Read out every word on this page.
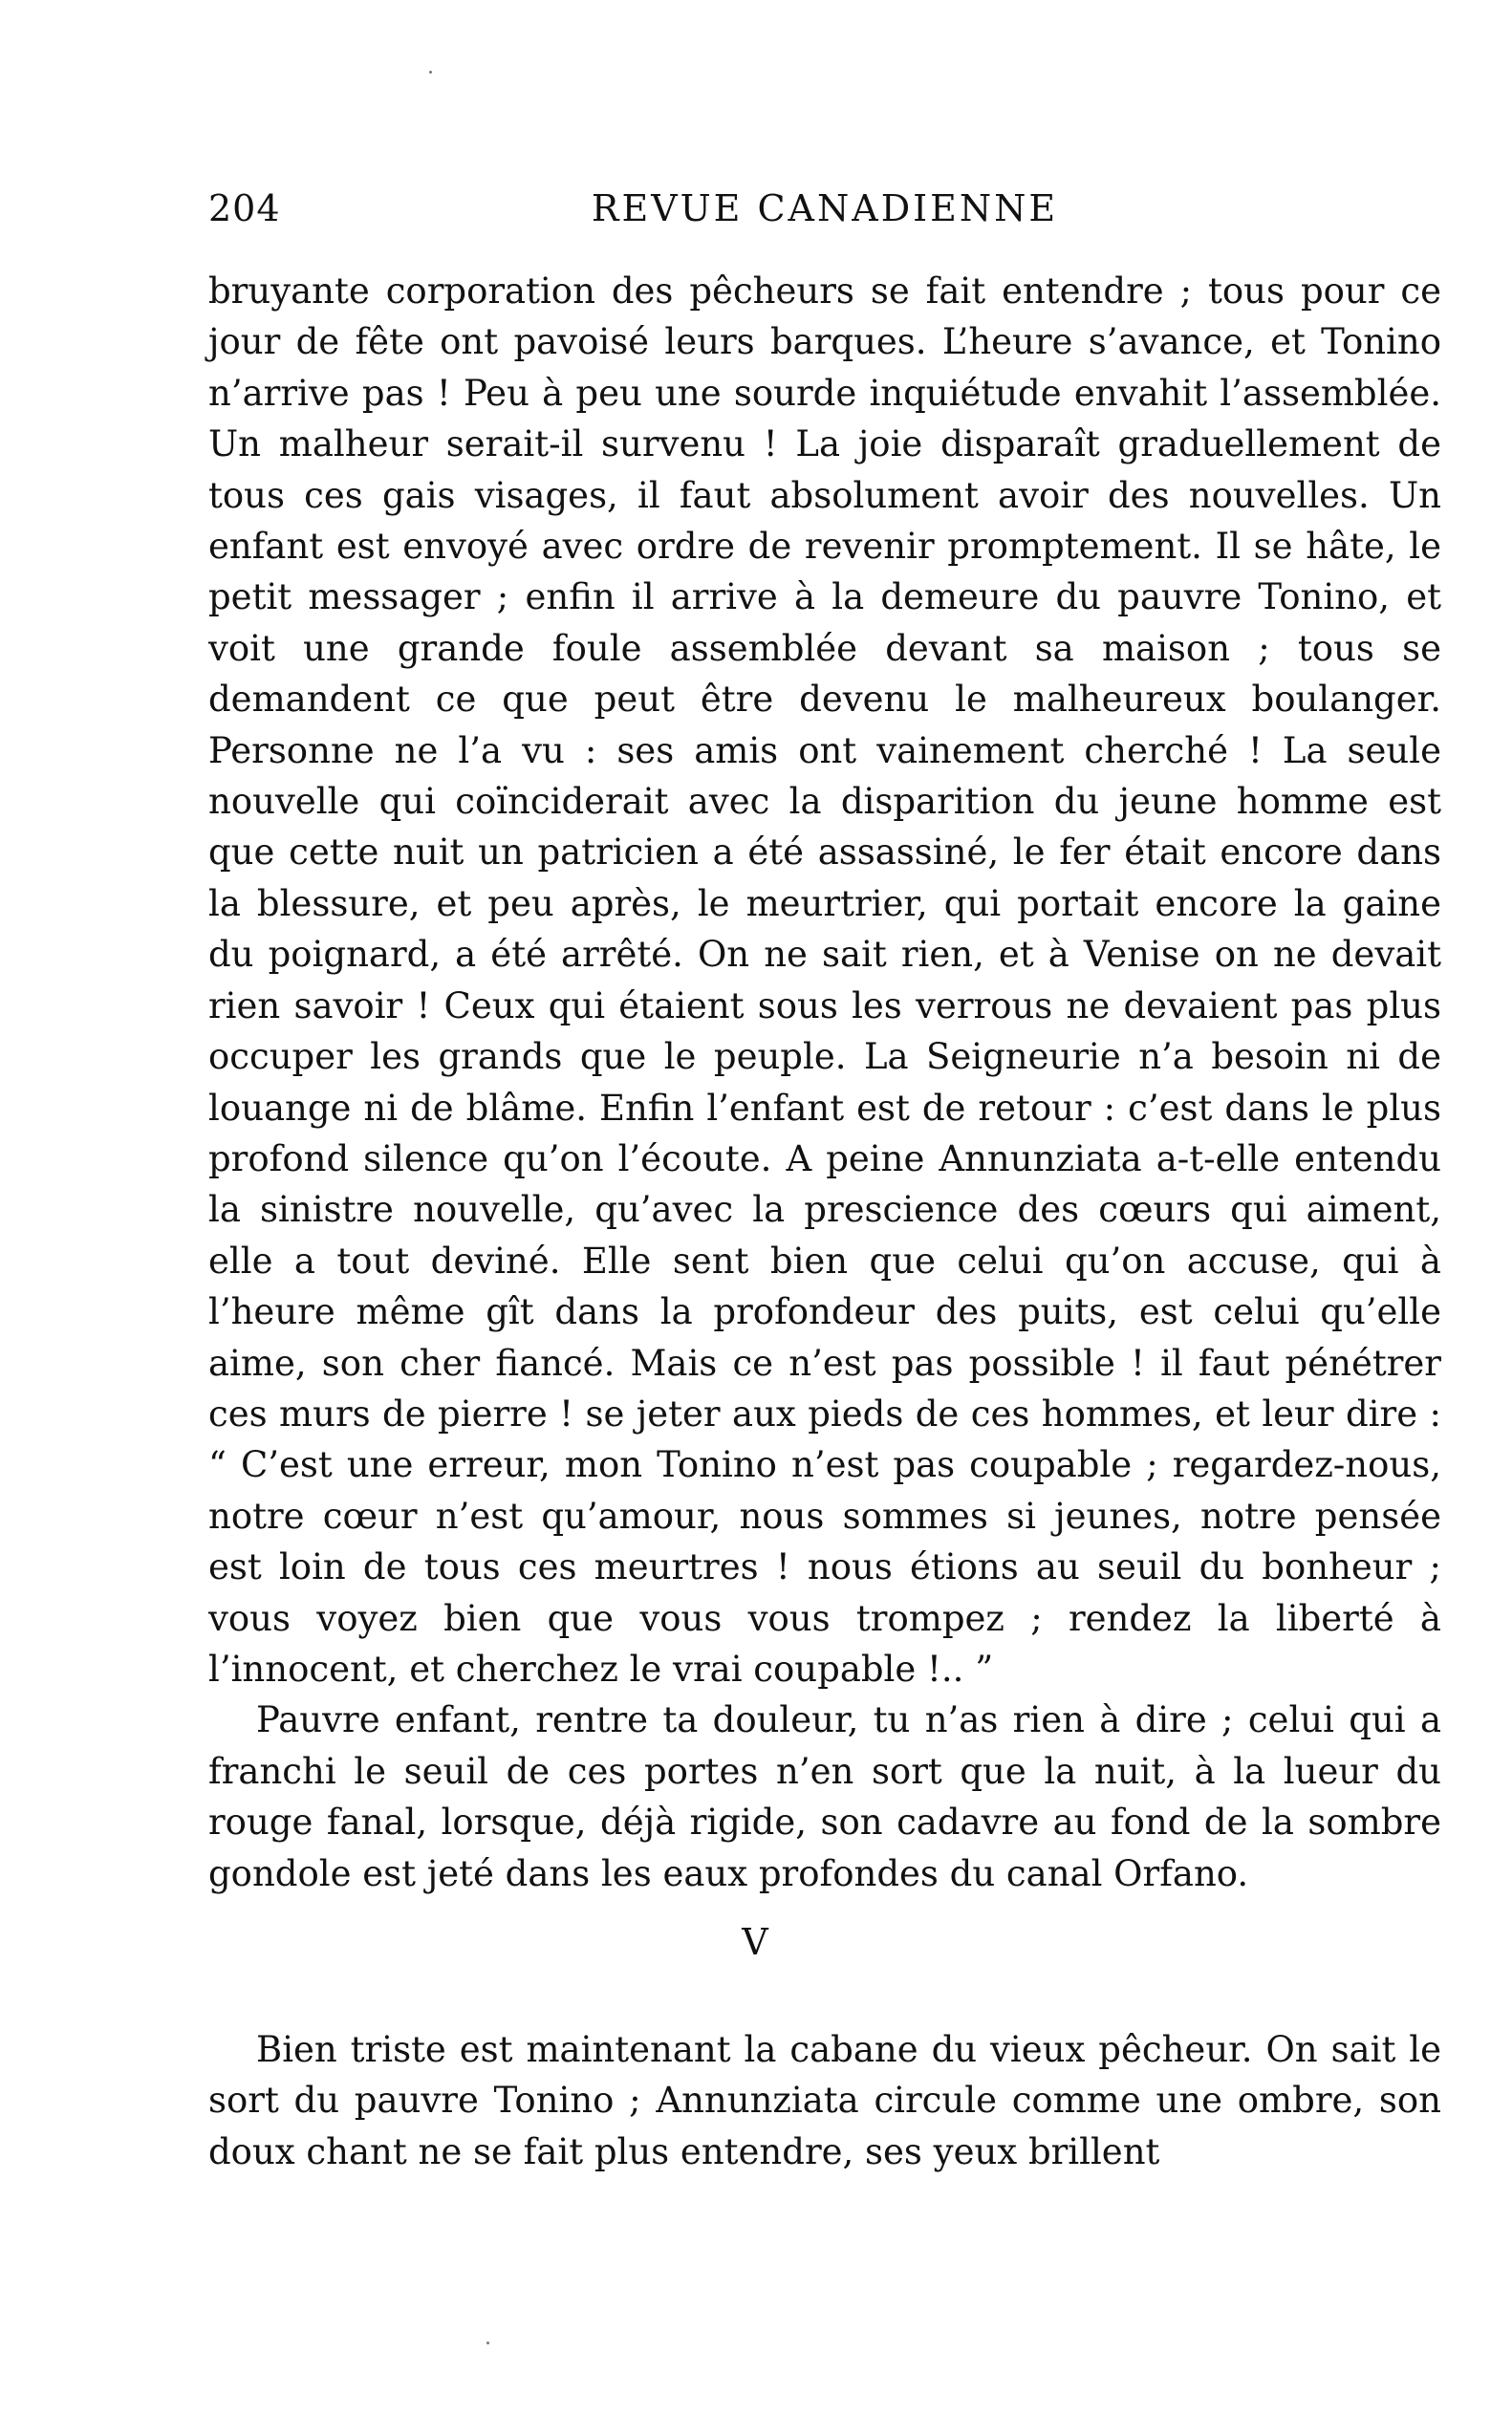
204	REVUE CANADIENNE

bruyante corporation des pêcheurs se fait entendre ; tous pour ce jour de fête ont pavoisé leurs barques. L’heure s’avance, et Tonino n’arrive pas ! Peu à peu une sourde inquiétude envahit l’assemblée. Un malheur serait-il survenu ! La joie disparaît graduellement de tous ces gais visages, il faut absolument avoir des nouvelles. Un enfant est envoyé avec ordre de revenir promptement. Il se hâte, le petit messager ; enfin il arrive à la demeure du pauvre Tonino, et voit une grande foule assemblée devant sa maison ; tous se demandent ce que peut être devenu le malheureux boulanger. Personne ne l’a vu : ses amis ont vainement cherché ! La seule nouvelle qui coïnciderait avec la disparition du jeune homme est que cette nuit un patricien a été assassiné, le fer était encore dans la blessure, et peu après, le meurtrier, qui portait encore la gaine du poignard, a été arrêté. On ne sait rien, et à Venise on ne devait rien savoir ! Ceux qui étaient sous les verrous ne devaient pas plus occuper les grands que le peuple. La Seigneurie n’a besoin ni de louange ni de blâme. Enfin l’enfant est de retour : c’est dans le plus profond silence qu’on l’écoute. A peine Annunziata a-t-elle entendu la sinistre nouvelle, qu’avec la prescience des cœurs qui aiment, elle a tout deviné. Elle sent bien que celui qu’on accuse, qui à l’heure même gît dans la profondeur des puits, est celui qu’elle aime, son cher fiancé. Mais ce n’est pas possible ! il faut pénétrer ces murs de pierre ! se jeter aux pieds de ces hommes, et leur dire : “ C’est une erreur, mon Tonino n’est pas coupable ; regardez-nous, notre cœur n’est qu’amour, nous sommes si jeunes, notre pensée est loin de tous ces meurtres ! nous étions au seuil du bonheur ; vous voyez bien que vous vous trompez ; rendez la liberté à l’innocent, et cherchez le vrai coupable !.. ”

Pauvre enfant, rentre ta douleur, tu n’as rien à dire ; celui qui a franchi le seuil de ces portes n’en sort que la nuit, à la lueur du rouge fanal, lorsque, déjà rigide, son cadavre au fond de la sombre gondole est jeté dans les eaux profondes du canal Orfano.

V

Bien triste est maintenant la cabane du vieux pêcheur. On sait le sort du pauvre Tonino ; Annunziata circule comme une ombre, son doux chant ne se fait plus entendre, ses yeux brillent
